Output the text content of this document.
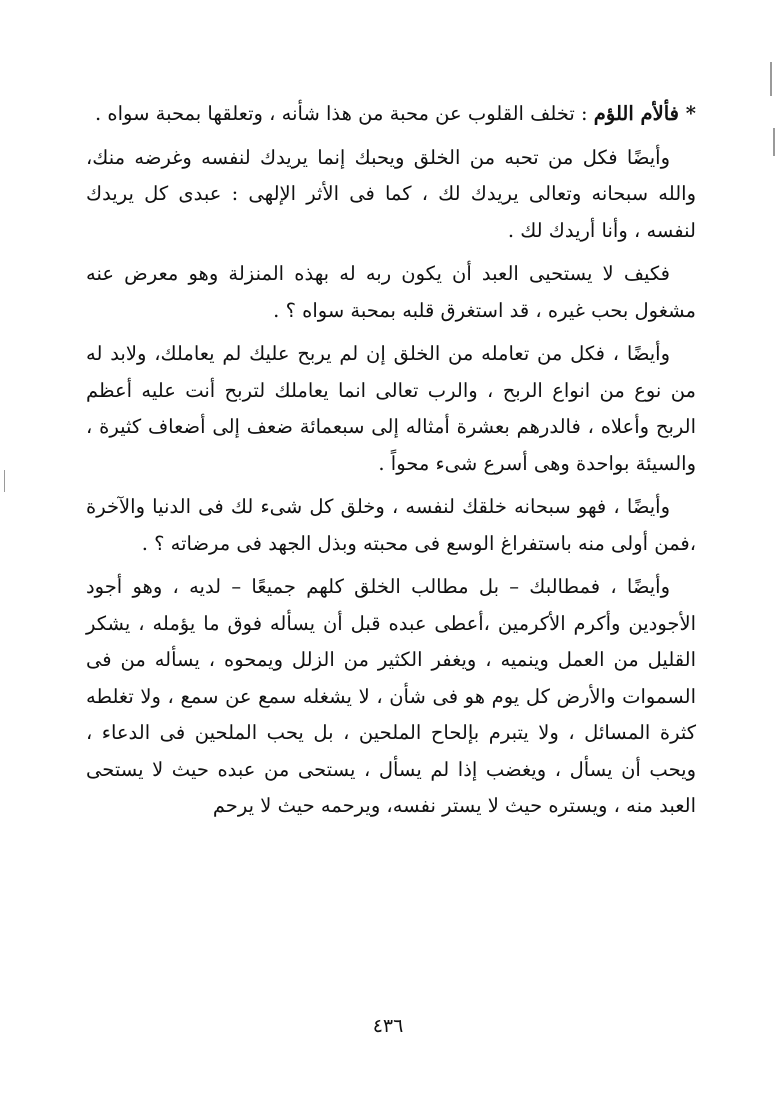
* فألأم اللؤم : تخلف القلوب عن محبة من هذا شأنه ، وتعلقها بمحبة سواه .

وأيضًا فكل من تحبه من الخلق ويحبك إنما يريدك لنفسه وغرضه منك، والله سبحانه وتعالى يريدك لك ، كما فى الأثر الإلهى : عبدى كل يريدك لنفسه ، وأنا أريدك لك .

فكيف لا يستحيى العبد أن يكون ربه له بهذه المنزلة وهو معرض عنه مشغول بحب غيره ، قد استغرق قلبه بمحبة سواه ؟ .

وأيضًا ، فكل من تعامله من الخلق إن لم يربح عليك لم يعاملك، ولابد له من نوع من انواع الربح ، والرب تعالى انما يعاملك لتربح أنت عليه أعظم الربح وأعلاه ، فالدرهم بعشرة أمثاله إلى سبعمائة ضعف إلى أضعاف كثيرة ، والسيئة بواحدة وهى أسرع شىء محواً .

وأيضًا ، فهو سبحانه خلقك لنفسه ، وخلق كل شىء لك فى الدنيا والآخرة ،فمن أولى منه باستفراغ الوسع فى محبته وبذل الجهد فى مرضاته ؟ .

وأيضًا ، فمطالبك – بل مطالب الخلق كلهم جميعًا – لديه ، وهو أجود الأجودين وأكرم الأكرمين ،أعطى عبده قبل أن يسأله فوق ما يؤمله ، يشكر القليل من العمل وينميه ، ويغفر الكثير من الزلل ويمحوه ، يسأله من فى السموات والأرض كل يوم هو فى شأن ، لا يشغله سمع عن سمع ، ولا تغلطه كثرة المسائل ، ولا يتبرم بإلحاح الملحين ، بل يحب الملحين فى الدعاء ، ويحب أن يسأل ، ويغضب إذا لم يسأل ، يستحى من عبده حيث لا يستحى العبد منه ، ويستره حيث لا يستر نفسه، ويرحمه حيث لا يرحم

٤٣٦
